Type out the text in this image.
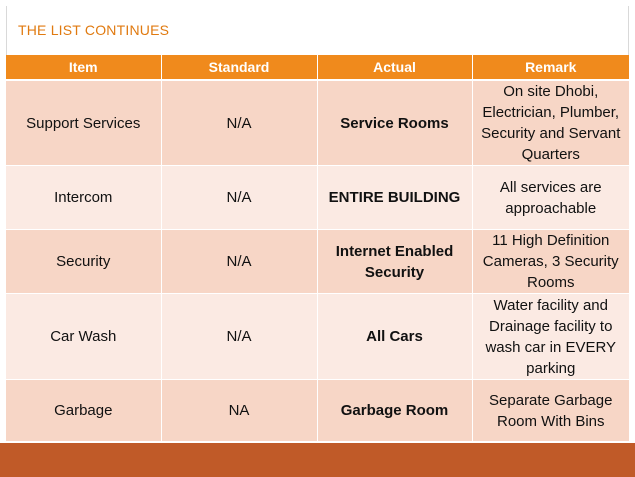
THE LIST CONTINUES
Item	Standard	Actual	Remark
Support Services	N/A	Service Rooms	On site Dhobi, Electrician, Plumber, Security and Servant Quarters
Intercom	N/A	ENTIRE BUILDING	All services are approachable
Security	N/A	Internet Enabled Security	11 High Definition Cameras, 3 Security Rooms
Car Wash	N/A	All Cars	Water facility and Drainage facility to wash car in EVERY parking
Garbage	NA	Garbage Room	Separate Garbage Room With Bins
